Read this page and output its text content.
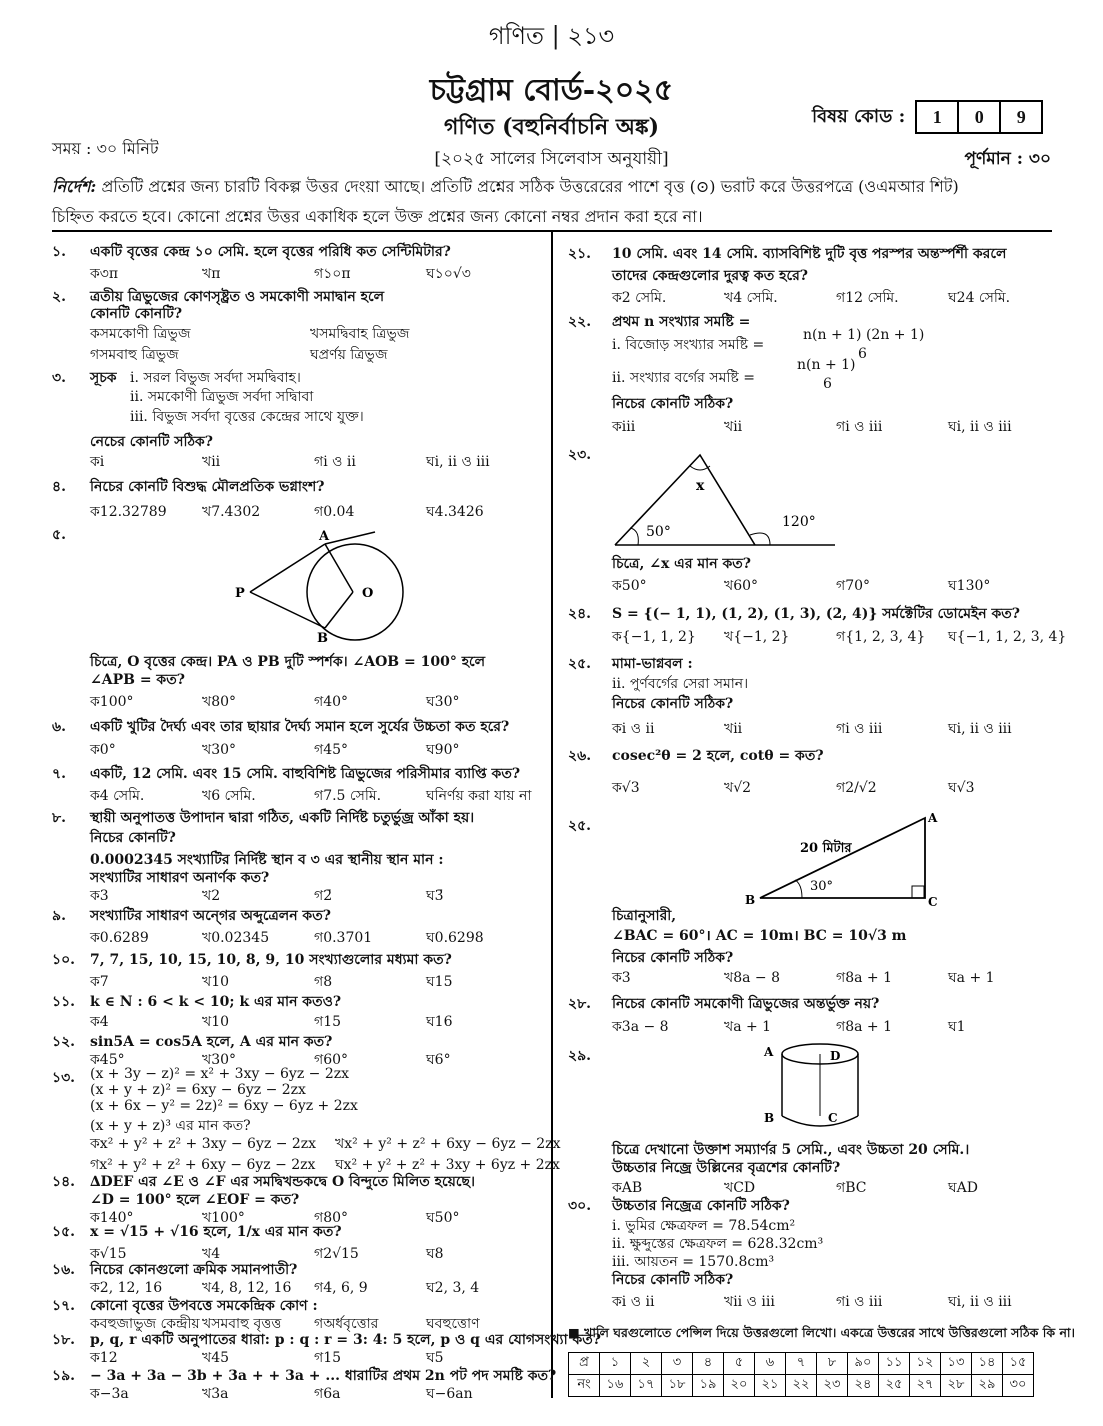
গণিত | ২১৩
চট্টগ্রাম বোর্ড-২০২৫
গণিত (বহুনির্বাচনি অঙ্ক)
[২০২৫ সালের সিলেবাস অনুযায়ী]
সময় : ৩০ মিনিট
পূর্ণমান : ৩০
বিষয় কোড :	1	0	9
নির্দেশ: প্রতিটি প্রশ্নের জন্য চারটি বিকল্প উত্তর দেংয়া আছে। প্রতিটি প্রশ্নের সঠিক উত্তরেরের পাশে বৃত্ত (⊙) ভরাট করে উত্তরপত্রে (ওএমআর শিট)
চিহ্নিত করতে হবে। কোনো প্রশ্নের উত্তর একাধিক হলে উক্ত প্রশ্নের জন্য কোনো নম্বর প্রদান করা হরে না।
১. একটি বৃত্তের কেন্দ্র ১০ সেমি. হলে বৃত্তের পরিধি কত সেন্টিমিটার?
ক৩π	খπ	গ১০π	ঘ১০√৩
২. ত্রতীয় ত্রিভুজের কোণসৃষ্ট্রত ও সমকোণী সমাদ্বান হলে
কোনটি কোনটি?
কসমকোণী ত্রিভুজ	খসমদ্বিবাহ ত্রিভুজ
গসমবাহু ত্রিভুজ	ঘপ্রর্ণয় ত্রিভুজ
৩. সূচক i. সরল বিভুজ সর্বদা সমদ্বিবাহ।
ii. সমকোণী ত্রিভুজ সর্বদা সদ্বিাবা
iii. বিভুজ সর্বদা বৃত্তের কেন্দ্রের সাথে যুক্ত।
নেচের কোনটি সঠিক?
কi	খii	গi ও ii	ঘi, ii ও iii
৪. নিচের কোনটি বিশুদ্ধ মৌলপ্রতিক ভগ্নাংশ?
ক12.32789	খ7.4302	গ0.04	ঘ4.3426
৫.
চিত্রে, O বৃত্তের কেন্দ্র। PA ও PB দুটি স্পর্শক। ∠AOB = 100° হলে
∠APB = কত?
ক100°	খ80°	গ40°	ঘ30°
৬. একটি খুটির দৈর্ঘ্য এবং তার ছায়ার দৈর্ঘ্য সমান হলে সুর্যের উচ্চতা কত হরে?
ক0°	খ30°	গ45°	ঘ90°
৭. একটি, 12 সেমি. এবং 15 সেমি. বাহুবিশিষ্ট ত্রিভুজের পরিসীমার ব্যাপ্তি কত?
ক4 সেমি.	খ6 সেমি.	গ7.5 সেমি.	ঘনির্ণয় করা যায় না
৮. স্থায়ী অনুপাতত্ত উপাদান দ্বারা গঠিত, একটি নির্দিষ্ট চতুর্ভুজ্র আঁকা হয়।
নিচের কোনটি?
0.0002345 সংখ্যাটির নির্দিষ্ট স্থান ব ৩ এর স্থানীয় স্থান মান :
সংখ্যাটির সাধারণ অনার্ণক কত?
ক3	খ2	গ2̄	ঘ3̄
৯. সংখ্যাটির সাধারণ অন্গের অব্দুত্রেলন কত?
ক0.6289	খ0.02345	গ0.3701	ঘ0.6298
১০. 7, 7, 15, 10, 15, 10, 8, 9, 10 সংখ্যাগুলোর মধ্যমা কত?
ক7	খ10	গ8	ঘ15
১১. k ∈ N : 6 < k < 10; k এর মান কতও?
ক4	খ10	গ15	ঘ16
১২. sin5A = cos5A হলে, A এর মান কত?
ক45°	খ30°	গ60°	ঘ6°
১৩. (x + 3y − z)² = x² + 3xy − 6yz − 2zx
(x + y + z)² = 6xy − 6yz − 2zx
(x + 6x − y² = 2z)² = 6xy − 6yz + 2zx
(x + y + z)³ এর মান কত?
কx² + y² + z² + 3xy − 6yz − 2zx খx² + y² + z² + 6xy − 6yz − 2zx
গx² + y² + z² + 6xy − 6yz − 2zx ঘx² + y² + z² + 3xy + 6yz + 2zx
১৪. ∆DEF এর ∠E ও ∠F এর সমদ্বিখন্ডকদ্বে O বিন্দুতে মিলিত হয়েছে।
∠D = 100° হলে ∠EOF = কত?
ক140°	খ100°	গ80°	ঘ50°
১৫. x = √15 + √16 হলে, 1/x এর মান কত?
ক√15	খ4	গ2√15	ঘ8
১৬. নিচের কোনগুলো ক্রমিক সমানপাতী?
ক2, 12, 16	খ4, 8, 12, 16 গ4, 6, 9	ঘ2, 3, 4
১৭. কোনো বৃত্তের উপবত্তে সমকেন্দ্রিক কোণ :
কবহুজাভুজ কেন্দ্রীয় খসমবাহু বৃত্তত্ত গঅর্ধবৃত্তোর	ঘবহুত্তোণ
১৮. p, q, r একটি অনুপাতের ধারা: p : q : r = 3: 4: 5 হলে, p ও q এর যোগসংখ্যা কত?
ক12	খ45	গ15	ঘ5
১৯. − 3a + 3a − 3b + 3a + + 3a + ... ধারাটির প্রথম 2n পট পদ সমষ্টি কত?
ক−3a	খ3a	গ6a	ঘ−6an
২১. 10 সেমি. এবং 14 সেমি. ব্যাসবিশিষ্ট দুটি বৃত্ত পরস্পর অন্তর্স্পর্শী করলে
তাদের কেন্দ্রগুলোর দুরত্ব কত হরে?
ক2 সেমি.	খ4 সেমি.	গ12 সেমি.	ঘ24 সেমি.
২২. প্রথম n সংখ্যার সমষ্টি =
i. বিজোড় সংখ্যার সমষ্টি =
n(n + 1) (2n + 1)
6
ii. সংখ্যার বর্গের সমষ্টি =
n(n + 1)
6
নিচের কোনটি সঠিক?
কiii	খii	গi ও iii	ঘi, ii ও iii
২৩.
চিত্রে, ∠x এর মান কত?
ক50°	খ60°	গ70°	ঘ130°
২৪. S = {(− 1, 1), (1, 2), (1, 3), (2, 4)} সর্মক্টেটির ডোমেইন কত?
ক{−1, 1, 2} খ{−1, 2}	গ{1, 2, 3, 4} ঘ{−1, 1, 2, 3, 4}
২৫. মামা-ভাগ্নবল :
ii. পুর্ণবর্গের সেরা সমান।
নিচের কোনটি সঠিক?
কi ও ii	খii	গi ও iii	ঘi, ii ও iii
২৬. cosec²θ = 2 হলে, cotθ = কত?
ক√3	খ√2	গ2/√2	ঘ√3
২৫.
চিত্রানুসারী,
∠BAC = 60°। AC = 10m। BC = 10√3 m
নিচের কোনটি সঠিক?
ক3	খ8a − 8	গ8a + 1	ঘa + 1
২৮. নিচের কোনটি সমকোণী ত্রিভুজের অন্তর্ভুক্ত নয়?
ক3a − 8	খa + 1	গ8a + 1	ঘ1
২৯.
চিত্রে দেখানো উক্তাশ সম্যার্ণর 5 সেমি., এবং উচ্চতা 20 সেমি.।
উচ্চতার নিজ্রে উল্লিনের বৃত্রশের কোনটি?
কAB	খCD	গBC	ঘAD
৩০. উচ্চতার নিজ্রেত্র কোনটি সঠিক?
i. ভুমির ক্ষেত্রফল = 78.54cm²
ii. ক্ষুব্দুস্তের ক্ষেত্রফল = 628.32cm³
iii. আয়তন = 1570.8cm³
নিচের কোনটি সঠিক?
কi ও ii	খii ও iii	গi ও iii	ঘi, ii ও iii
A
P	O
B
x
50°
120°
20 মিটার
30°
A
B	C
A	D
B	C
■ খালি ঘরগুলোতে পেন্সিল দিয়ে উত্তরগুলো লিখো। একত্রে উত্তরের সাথে উত্তিরগুলো সঠিক কি না।
প্র	১	২	৩	৪	৫	৬	৭	৮	৯০	১১	১২	১৩	১৪	১৫
নং	১৬	১৭	১৮	১৯	২০	২১	২২	২৩	২৪	২৫	২৭	২৮	২৯	৩০
